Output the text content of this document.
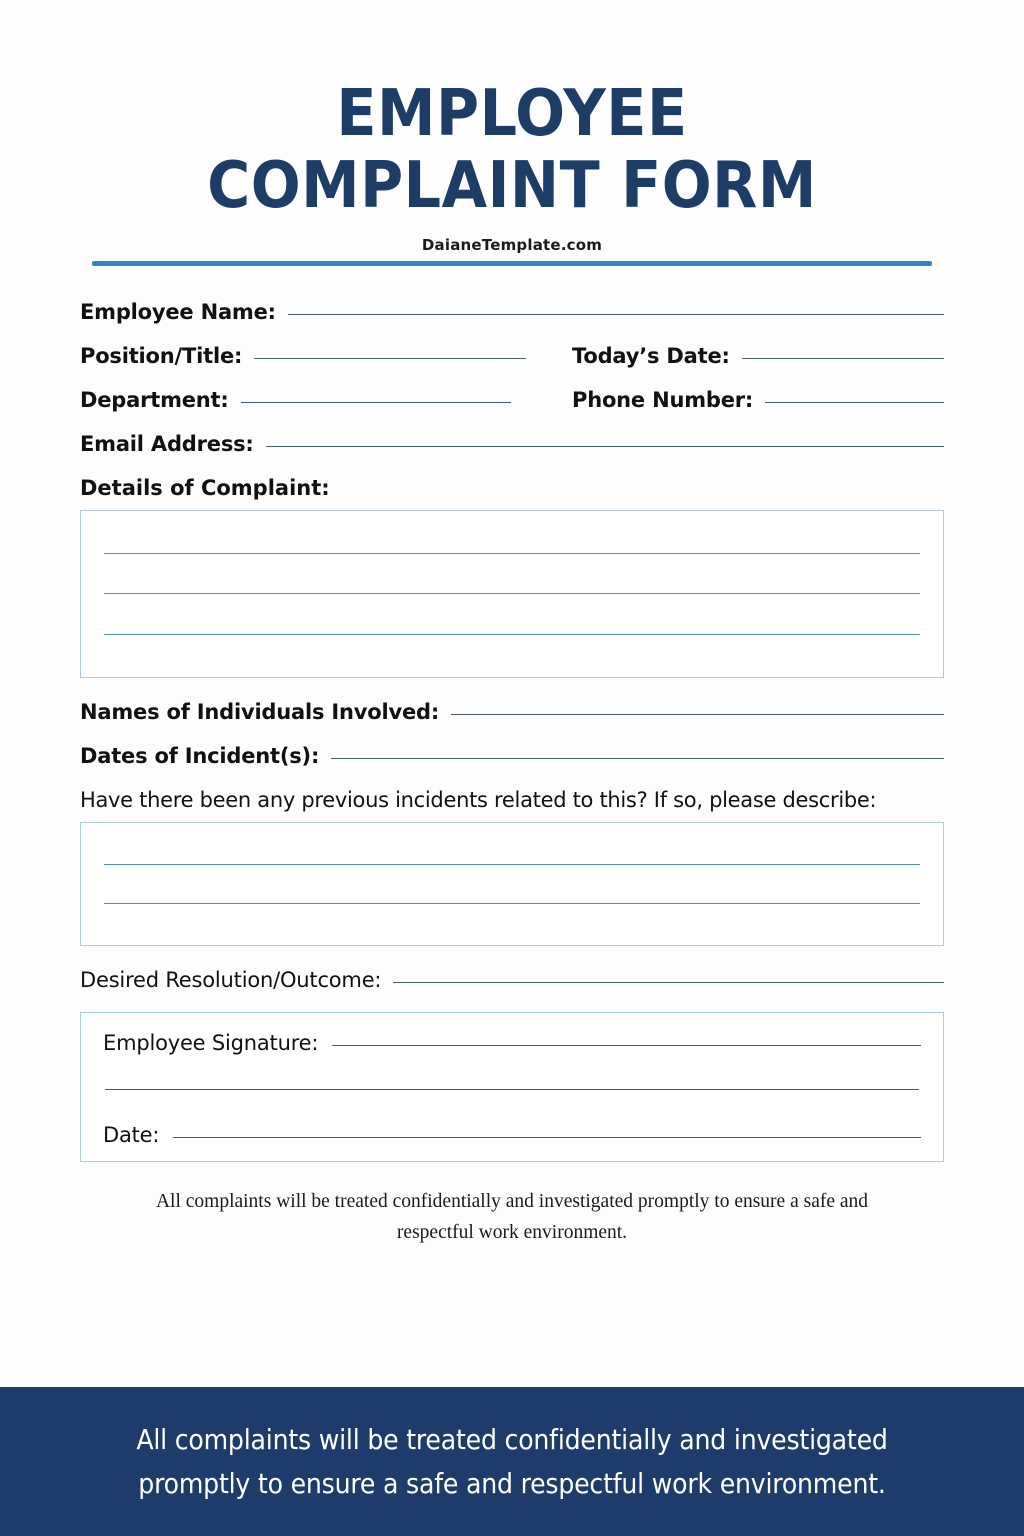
EMPLOYEE
COMPLAINT FORM
DaianeTemplate.com
Employee Name:
Position/Title:	Today’s Date:
Department:	Phone Number:
Email Address:
Details of Complaint:
Names of Individuals Involved:
Dates of Incident(s):
Have there been any previous incidents related to this? If so, please describe:
Desired Resolution/Outcome:
Employee Signature:
Date:
All complaints will be treated confidentially and investigated promptly to ensure a safe and respectful work environment.
All complaints will be treated confidentially and investigated promptly to ensure a safe and respectful work environment.
